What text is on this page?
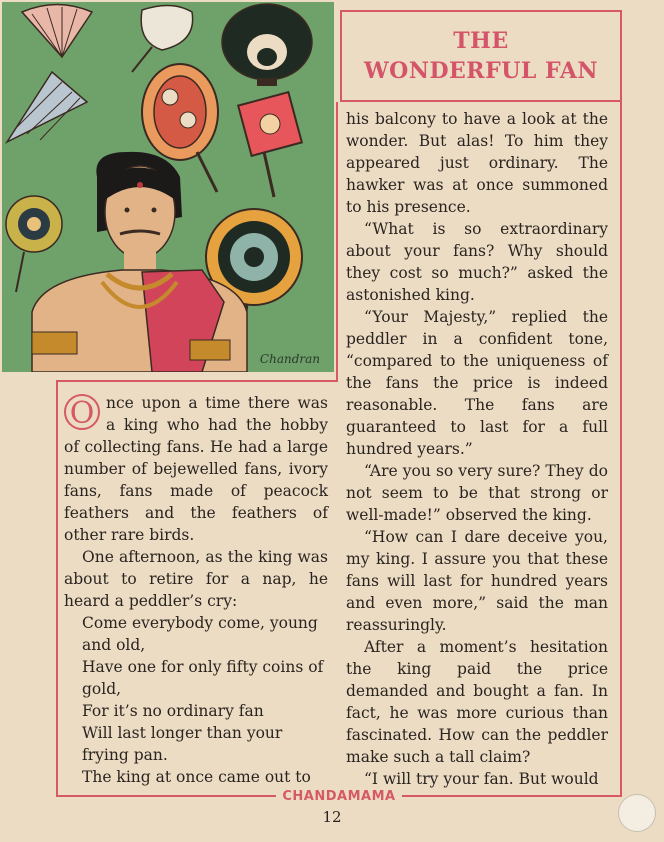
Chandran
THE
WONDERFUL FAN

O nce upon a time there was a king who had the hobby of collecting fans. He had a large number of bejewelled fans, ivory fans, fans made of peacock feathers and the feathers of other rare birds.

One afternoon, as the king was about to retire for a nap, he heard a peddler’s cry:

Come everybody come, young and old,

Have one for only fifty coins of gold,

For it’s no ordinary fan

Will last longer than your frying pan.

The king at once came out to

his balcony to have a look at the wonder. But alas! To him they appeared just ordinary. The hawker was at once summoned to his presence.

“What is so extraordinary about your fans? Why should they cost so much?” asked the astonished king.

“Your Majesty,” replied the peddler in a confident tone, “compared to the uniqueness of the fans the price is indeed reasonable. The fans are guaranteed to last for a full hundred years.”

“Are you so very sure? They do not seem to be that strong or well-made!” observed the king.

“How can I dare deceive you, my king. I assure you that these fans will last for hundred years and even more,” said the man reassuringly.

After a moment’s hesitation the king paid the price demanded and bought a fan. In fact, he was more curious than fascinated. How can the peddler make such a tall claim?

“I will try your fan. But would

CHANDAMAMA
12
